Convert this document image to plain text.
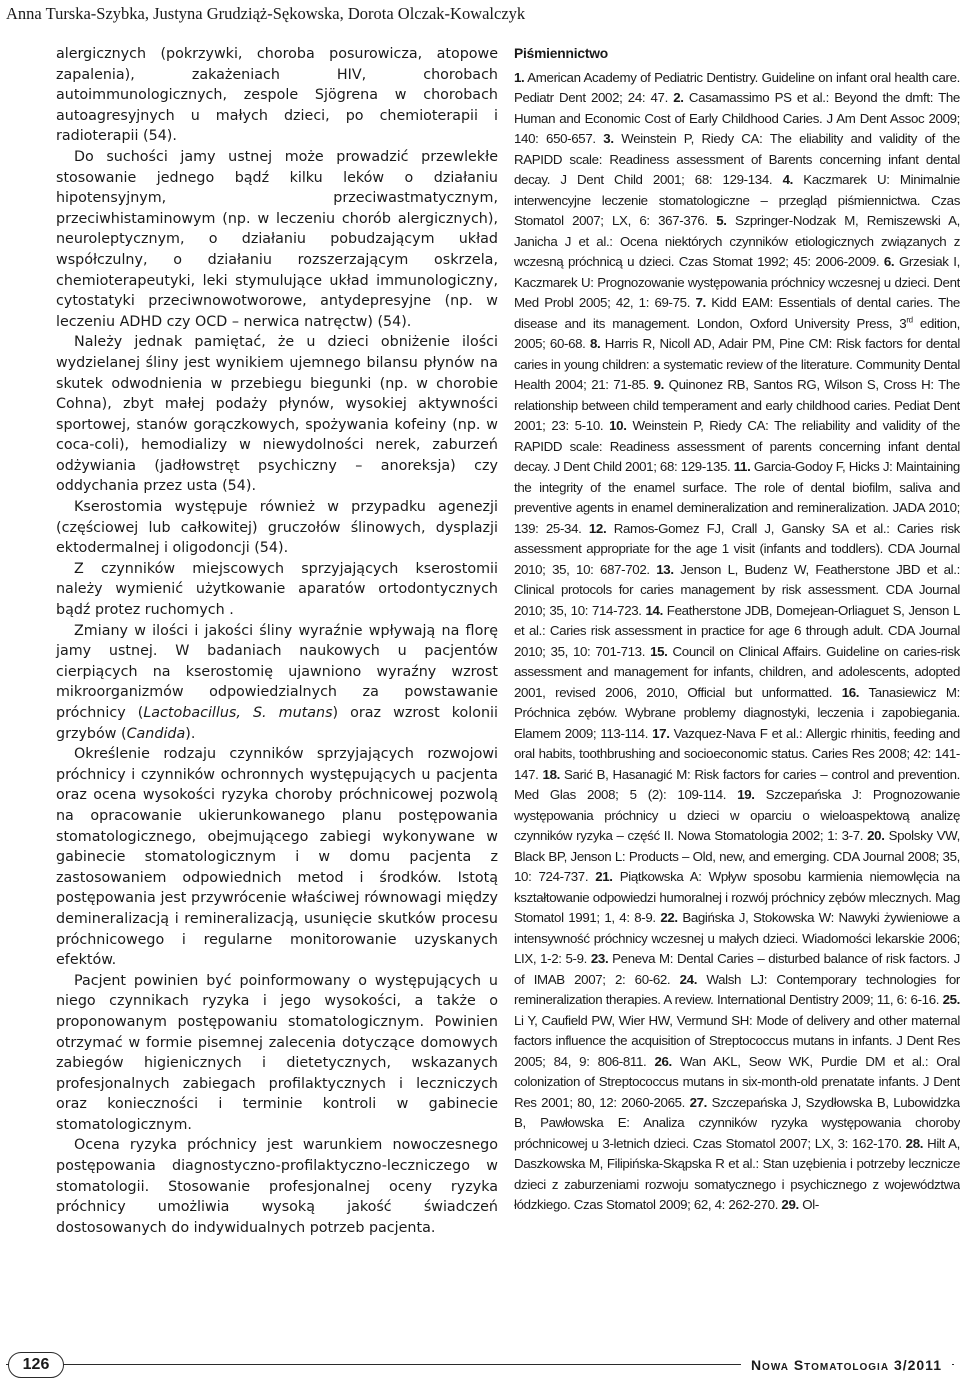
Anna Turska-Szybka, Justyna Grudziąż-Sękowska, Dorota Olczak-Kowalczyk

alergicznych (pokrzywki, choroba posurowicza, atopowe zapalenia), zakażeniach HIV, chorobach autoimmunologicznych, zespole Sjögrena w chorobach autoagresyjnych u małych dzieci, po chemioterapii i radioterapii (54).

Do suchości jamy ustnej może prowadzić przewlekłe stosowanie jednego bądź kilku leków o działaniu hipotensyjnym, przeciwastmatycznym, przeciwhistaminowym (np. w leczeniu chorób alergicznych), neuroleptycznym, o działaniu pobudzającym układ współczulny, o działaniu rozszerzającym oskrzela, chemioterapeutyki, leki stymulujące układ immunologiczny, cytostatyki przeciwnowotworowe, antydepresyjne (np. w leczeniu ADHD czy OCD – nerwica natręctw) (54).

Należy jednak pamiętać, że u dzieci obniżenie ilości wydzielanej śliny jest wynikiem ujemnego bilansu płynów na skutek odwodnienia w przebiegu biegunki (np. w chorobie Cohna), zbyt małej podaży płynów, wysokiej aktywności sportowej, stanów gorączkowych, spożywania kofeiny (np. w coca-coli), hemodializy w niewydolności nerek, zaburzeń odżywiania (jadłowstręt psychiczny – anoreksja) czy oddychania przez usta (54).

Kserostomia występuje również w przypadku agenezji (częściowej lub całkowitej) gruczołów ślinowych, dysplazji ektodermalnej i oligodoncji (54).

Z czynników miejscowych sprzyjających kserostomii należy wymienić użytkowanie aparatów ortodontycznych bądź protez ruchomych .

Zmiany w ilości i jakości śliny wyraźnie wpływają na florę jamy ustnej. W badaniach naukowych u pacjentów cierpiących na kserostomię ujawniono wyraźny wzrost mikroorganizmów odpowiedzialnych za powstawanie próchnicy (Lactobacillus, S. mutans) oraz wzrost kolonii grzybów (Candida).

Określenie rodzaju czynników sprzyjających rozwojowi próchnicy i czynników ochronnych występujących u pacjenta oraz ocena wysokości ryzyka choroby próchnicowej pozwolą na opracowanie ukierunkowanego planu postępowania stomatologicznego, obejmującego zabiegi wykonywane w gabinecie stomatologicznym i w domu pacjenta z zastosowaniem odpowiednich metod i środków. Istotą postępowania jest przywrócenie właściwej równowagi między demineralizacją i remineralizacją, usunięcie skutków procesu próchnicowego i regularne monitorowanie uzyskanych efektów.

Pacjent powinien być poinformowany o występujących u niego czynnikach ryzyka i jego wysokości, a także o proponowanym postępowaniu stomatologicznym. Powinien otrzymać w formie pisemnej zalecenia dotyczące domowych zabiegów higienicznych i dietetycznych, wskazanych profesjonalnych zabiegach profilaktycznych i leczniczych oraz konieczności i terminie kontroli w gabinecie stomatologicznym.

Ocena ryzyka próchnicy jest warunkiem nowoczesnego postępowania diagnostyczno-profilaktyczno-leczniczego w stomatologii. Stosowanie profesjonalnej oceny ryzyka próchnicy umożliwia wysoką jakość świadczeń dostosowanych do indywidualnych potrzeb pacjenta.

Piśmiennictwo
1. American Academy of Pediatric Dentistry. Guideline on infant oral health care. Pediatr Dent 2002; 24: 47. 2. Casamassimo PS et al.: Beyond the dmft: The Human and Economic Cost of Early Childhood Caries. J Am Dent Assoc 2009; 140: 650-657. 3. Weinstein P, Riedy CA: The eliability and validity of the RAPIDD scale: Readiness assessment of Barents concerning infant dental decay. J Dent Child 2001; 68: 129-134. 4. Kaczmarek U: Minimalnie interwencyjne leczenie stomatologiczne – przegląd piśmiennictwa. Czas Stomatol 2007; LX, 6: 367-376. 5. Szpringer-Nodzak M, Remiszewski A, Janicha J et al.: Ocena niektórych czynników etiologicznych związanych z wczesną próchnicą u dzieci. Czas Stomat 1992; 45: 2006-2009. 6. Grzesiak I, Kaczmarek U: Prognozowanie występowania próchnicy wczesnej u dzieci. Dent Med Probl 2005; 42, 1: 69-75. 7. Kidd EAM: Essentials of dental caries. The disease and its management. London, Oxford University Press, 3rd edition, 2005; 60-68. 8. Harris R, Nicoll AD, Adair PM, Pine CM: Risk factors for dental caries in young children: a systematic review of the literature. Community Dental Health 2004; 21: 71-85. 9. Quinonez RB, Santos RG, Wilson S, Cross H: The relationship between child temperament and early childhood caries. Pediat Dent 2001; 23: 5-10. 10. Weinstein P, Riedy CA: The reliability and validity of the RAPIDD scale: Readiness assessment of parents concerning infant dental decay. J Dent Child 2001; 68: 129-135. 11. Garcia-Godoy F, Hicks J: Maintaining the integrity of the enamel surface. The role of dental biofilm, saliva and preventive agents in enamel demineralization and remineralization. JADA 2010; 139: 25-34. 12. Ramos-Gomez FJ, Crall J, Gansky SA et al.: Caries risk assessment appropriate for the age 1 visit (infants and toddlers). CDA Journal 2010; 35, 10: 687-702. 13. Jenson L, Budenz W, Featherstone JBD et al.: Clinical protocols for caries management by risk assessment. CDA Journal 2010; 35, 10: 714-723. 14. Featherstone JDB, Domejean-Orliaguet S, Jenson L et al.: Caries risk assessment in practice for age 6 through adult. CDA Journal 2010; 35, 10: 701-713. 15. Council on Clinical Affairs. Guideline on caries-risk assessment and management for infants, children, and adolescents, adopted 2001, revised 2006, 2010, Official but unformatted. 16. Tanasiewicz M: Próchnica zębów. Wybrane problemy diagnostyki, leczenia i zapobiegania. Elamem 2009; 113-114. 17. Vazquez-Nava F et al.: Allergic rhinitis, feeding and oral habits, toothbrushing and socioeconomic status. Caries Res 2008; 42: 141-147. 18. Sarić B, Hasanagić M: Risk factors for caries – control and prevention. Med Glas 2008; 5 (2): 109-114. 19. Szczepańska J: Prognozowanie występowania próchnicy u dzieci w oparciu o wieloaspektową analizę czynników ryzyka – część II. Nowa Stomatologia 2002; 1: 3-7. 20. Spolsky VW, Black BP, Jenson L: Products – Old, new, and emerging. CDA Journal 2008; 35, 10: 724-737. 21. Piątkowska A: Wpływ sposobu karmienia niemowlęcia na kształtowanie odpowiedzi humoralnej i rozwój próchnicy zębów mlecznych. Mag Stomatol 1991; 1, 4: 8-9. 22. Bagińska J, Stokowska W: Nawyki żywieniowe a intensywność próchnicy wczesnej u małych dzieci. Wiadomości lekarskie 2006; LIX, 1-2: 5-9. 23. Peneva M: Dental Caries – disturbed balance of risk factors. J of IMAB 2007; 2: 60-62. 24. Walsh LJ: Contemporary technologies for remineralization therapies. A review. International Dentistry 2009; 11, 6: 6-16. 25. Li Y, Caufield PW, Wier HW, Vermund SH: Mode of delivery and other maternal factors influence the acquisition of Streptococcus mutans in infants. J Dent Res 2005; 84, 9: 806-811. 26. Wan AKL, Seow WK, Purdie DM et al.: Oral colonization of Streptococcus mutans in six-month-old prenatate infants. J Dent Res 2001; 80, 12: 2060-2065. 27. Szczepańska J, Szydłowska B, Lubowidzka B, Pawłowska E: Analiza czynników ryzyka występowania choroby próchnicowej u 3-letnich dzieci. Czas Stomatol 2007; LX, 3: 162-170. 28. Hilt A, Daszkowska M, Filipińska-Skąpska R et al.: Stan uzębienia i potrzeby lecznicze dzieci z zaburzeniami rozwoju somatycznego i psychicznego z województwa łódzkiego. Czas Stomatol 2009; 62, 4: 262-270. 29. Ol-
126	Nowa Stomatologia 3/2011
